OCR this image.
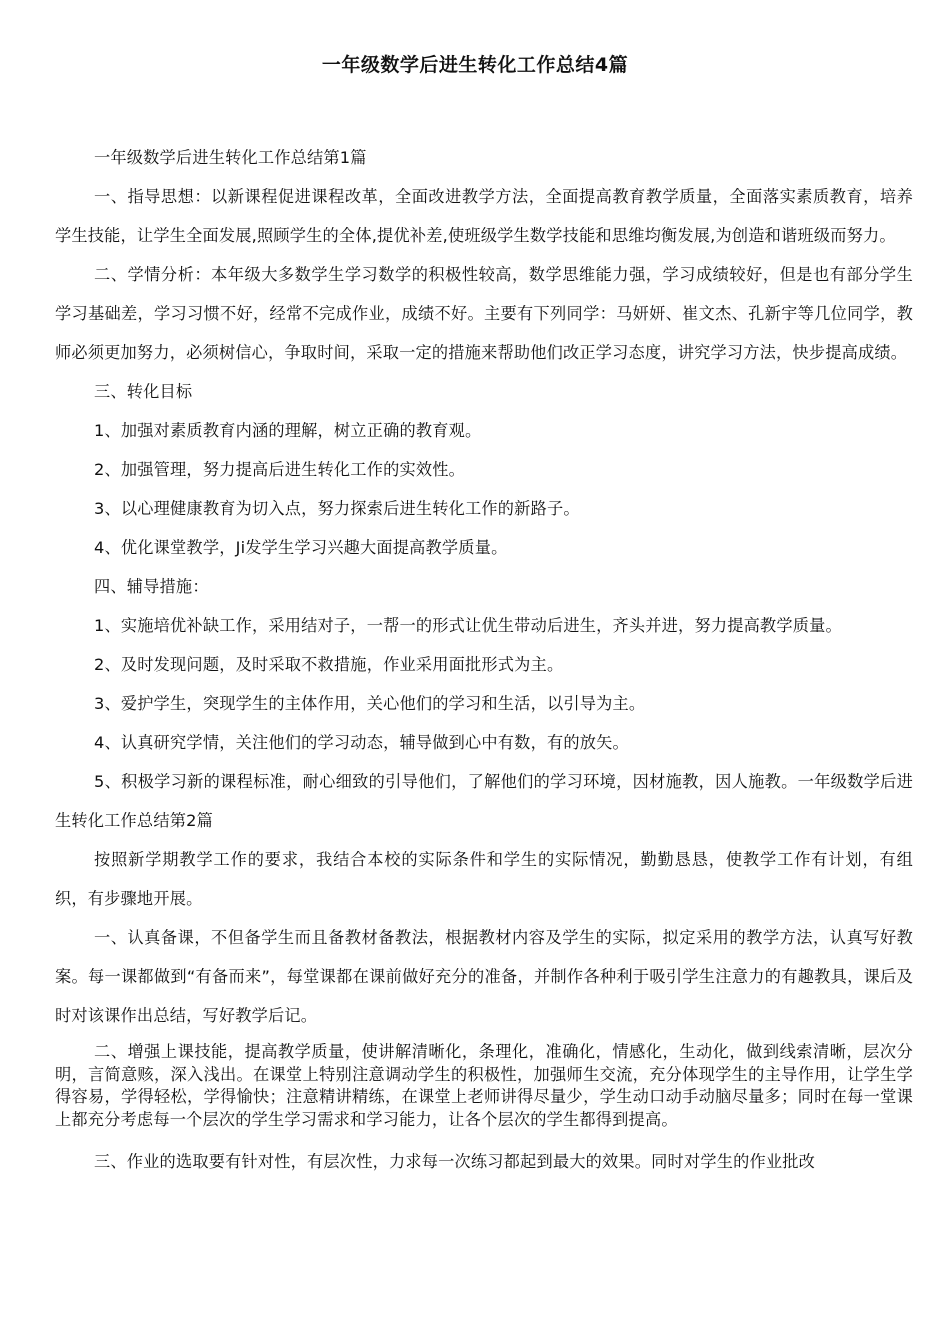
一年级数学后进生转化工作总结4篇

一年级数学后进生转化工作总结第1篇

一、指导思想：以新课程促进课程改革，全面改进教学方法，全面提高教育教学质量，全面落实素质教育，培养学生技能，让学生全面发展,照顾学生的全体,提优补差,使班级学生数学技能和思维均衡发展,为创造和谐班级而努力。

二、学情分析：本年级大多数学生学习数学的积极性较高，数学思维能力强，学习成绩较好，但是也有部分学生学习基础差，学习习惯不好，经常不完成作业，成绩不好。主要有下列同学：马妍妍、崔文杰、孔新宇等几位同学，教师必须更加努力，必须树信心，争取时间，采取一定的措施来帮助他们改正学习态度，讲究学习方法，快步提高成绩。

三、转化目标

1、加强对素质教育内涵的理解，树立正确的教育观。

2、加强管理，努力提高后进生转化工作的实效性。

3、以心理健康教育为切入点，努力探索后进生转化工作的新路子。

4、优化课堂教学，Ji发学生学习兴趣大面提高教学质量。

四、辅导措施：

1、实施培优补缺工作，采用结对子，一帮一的形式让优生带动后进生，齐头并进，努力提高教学质量。

2、及时发现问题，及时采取不救措施，作业采用面批形式为主。

3、爱护学生，突现学生的主体作用，关心他们的学习和生活，以引导为主。

4、认真研究学情，关注他们的学习动态，辅导做到心中有数，有的放矢。

5、积极学习新的课程标准，耐心细致的引导他们，了解他们的学习环境，因材施教，因人施教。一年级数学后进生转化工作总结第2篇

按照新学期教学工作的要求，我结合本校的实际条件和学生的实际情况，勤勤恳恳，使教学工作有计划，有组织，有步骤地开展。

一、认真备课，不但备学生而且备教材备教法，根据教材内容及学生的实际，拟定采用的教学方法，认真写好教案。每一课都做到“有备而来”，每堂课都在课前做好充分的准备，并制作各种利于吸引学生注意力的有趣教具，课后及时对该课作出总结，写好教学后记。

二、增强上课技能，提高教学质量，使讲解清晰化，条理化，准确化，情感化，生动化，做到线索清晰，层次分明，言简意赅，深入浅出。在课堂上特别注意调动学生的积极性，加强师生交流，充分体现学生的主导作用，让学生学得容易，学得轻松，学得愉快；注意精讲精练，在课堂上老师讲得尽量少，学生动口动手动脑尽量多；同时在每一堂课上都充分考虑每一个层次的学生学习需求和学习能力，让各个层次的学生都得到提高。

三、作业的选取要有针对性，有层次性，力求每一次练习都起到最大的效果。同时对学生的作业批改
